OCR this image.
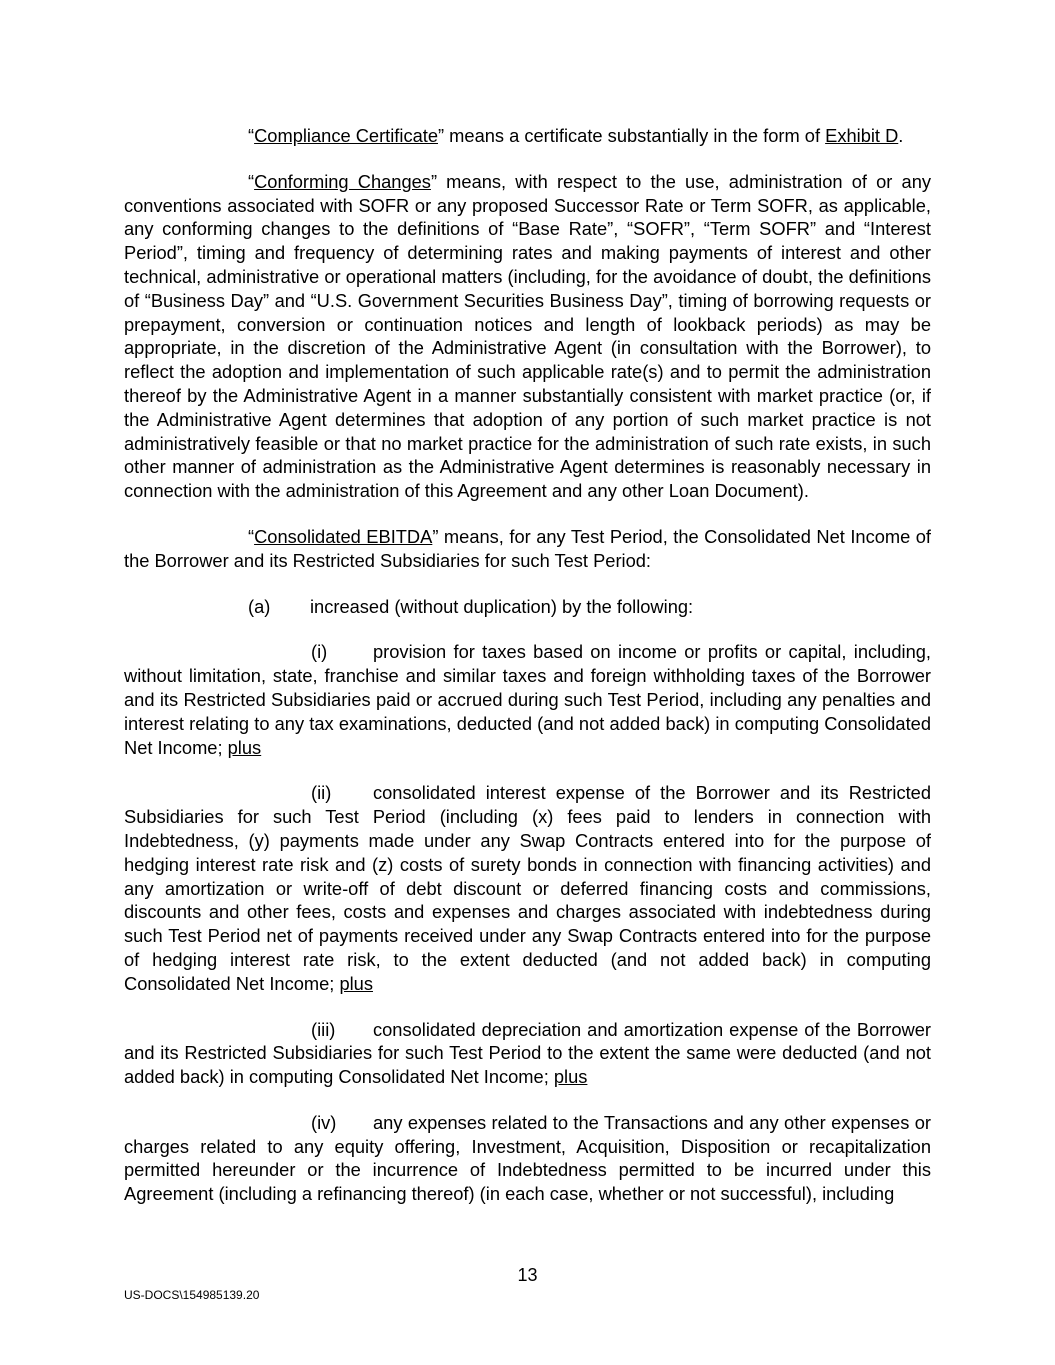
“Compliance Certificate” means a certificate substantially in the form of Exhibit D.

“Conforming Changes” means, with respect to the use, administration of or any conventions associated with SOFR or any proposed Successor Rate or Term SOFR, as applicable, any conforming changes to the definitions of “Base Rate”, “SOFR”, “Term SOFR” and “Interest Period”, timing and frequency of determining rates and making payments of interest and other technical, administrative or operational matters (including, for the avoidance of doubt, the definitions of “Business Day” and “U.S. Government Securities Business Day”, timing of borrowing requests or prepayment, conversion or continuation notices and length of lookback periods) as may be appropriate, in the discretion of the Administrative Agent (in consultation with the Borrower), to reflect the adoption and implementation of such applicable rate(s) and to permit the administration thereof by the Administrative Agent in a manner substantially consistent with market practice (or, if the Administrative Agent determines that adoption of any portion of such market practice is not administratively feasible or that no market practice for the administration of such rate exists, in such other manner of administration as the Administrative Agent determines is reasonably necessary in connection with the administration of this Agreement and any other Loan Document).

“Consolidated EBITDA” means, for any Test Period, the Consolidated Net Income of the Borrower and its Restricted Subsidiaries for such Test Period:

(a) increased (without duplication) by the following:

(i)	provision for taxes based on income or profits or capital, including, without limitation, state, franchise and similar taxes and foreign withholding taxes of the Borrower and its Restricted Subsidiaries paid or accrued during such Test Period, including any penalties and interest relating to any tax examinations, deducted (and not added back) in computing Consolidated Net Income; plus

(ii) consolidated interest expense of the Borrower and its Restricted Subsidiaries for such Test Period (including (x) fees paid to lenders in connection with Indebtedness, (y) payments made under any Swap Contracts entered into for the purpose of hedging interest rate risk and (z) costs of surety bonds in connection with financing activities) and any amortization or write-off of debt discount or deferred financing costs and commissions, discounts and other fees, costs and expenses and charges associated with indebtedness during such Test Period net of payments received under any Swap Contracts entered into for the purpose of hedging interest rate risk, to the extent deducted (and not added back) in computing Consolidated Net Income; plus

(iii) consolidated depreciation and amortization expense of the Borrower and its Restricted Subsidiaries for such Test Period to the extent the same were deducted (and not added back) in computing Consolidated Net Income; plus

(iv) any expenses related to the Transactions and any other expenses or charges related to any equity offering, Investment, Acquisition, Disposition or recapitalization permitted hereunder or the incurrence of Indebtedness permitted to be incurred under this Agreement (including a refinancing thereof) (in each case, whether or not successful), including

13
US-DOCS\154985139.20
